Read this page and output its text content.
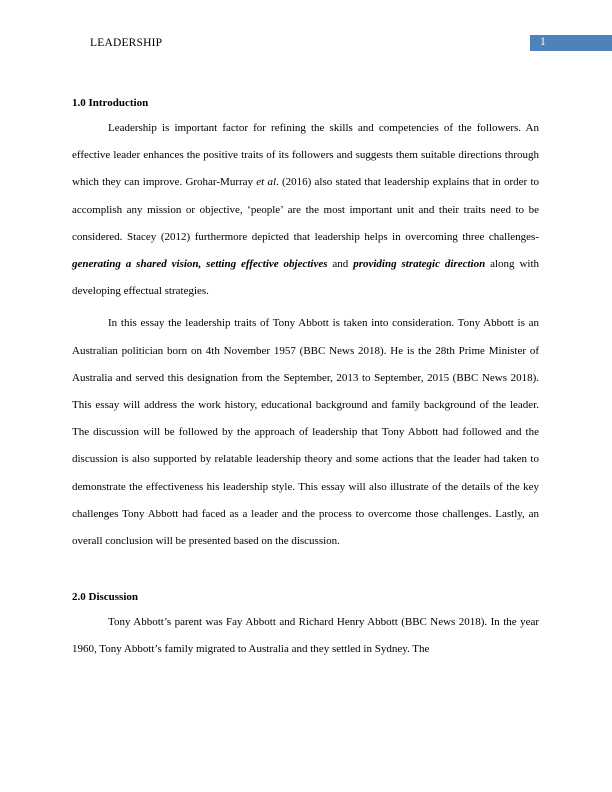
LEADERSHIP	1
1.0 Introduction

Leadership is important factor for refining the skills and competencies of the followers. An effective leader enhances the positive traits of its followers and suggests them suitable directions through which they can improve. Grohar-Murray et al. (2016) also stated that leadership explains that in order to accomplish any mission or objective, ‘people’ are the most important unit and their traits need to be considered. Stacey (2012) furthermore depicted that leadership helps in overcoming three challenges- generating a shared vision, setting effective objectives and providing strategic direction along with developing effectual strategies.

In this essay the leadership traits of Tony Abbott is taken into consideration. Tony Abbott is an Australian politician born on 4th November 1957 (BBC News 2018). He is the 28th Prime Minister of Australia and served this designation from the September, 2013 to September, 2015 (BBC News 2018). This essay will address the work history, educational background and family background of the leader. The discussion will be followed by the approach of leadership that Tony Abbott had followed and the discussion is also supported by relatable leadership theory and some actions that the leader had taken to demonstrate the effectiveness his leadership style. This essay will also illustrate of the details of the key challenges Tony Abbott had faced as a leader and the process to overcome those challenges. Lastly, an overall conclusion will be presented based on the discussion.

2.0 Discussion

Tony Abbott’s parent was Fay Abbott and Richard Henry Abbott (BBC News 2018). In the year 1960, Tony Abbott’s family migrated to Australia and they settled in Sydney. The
